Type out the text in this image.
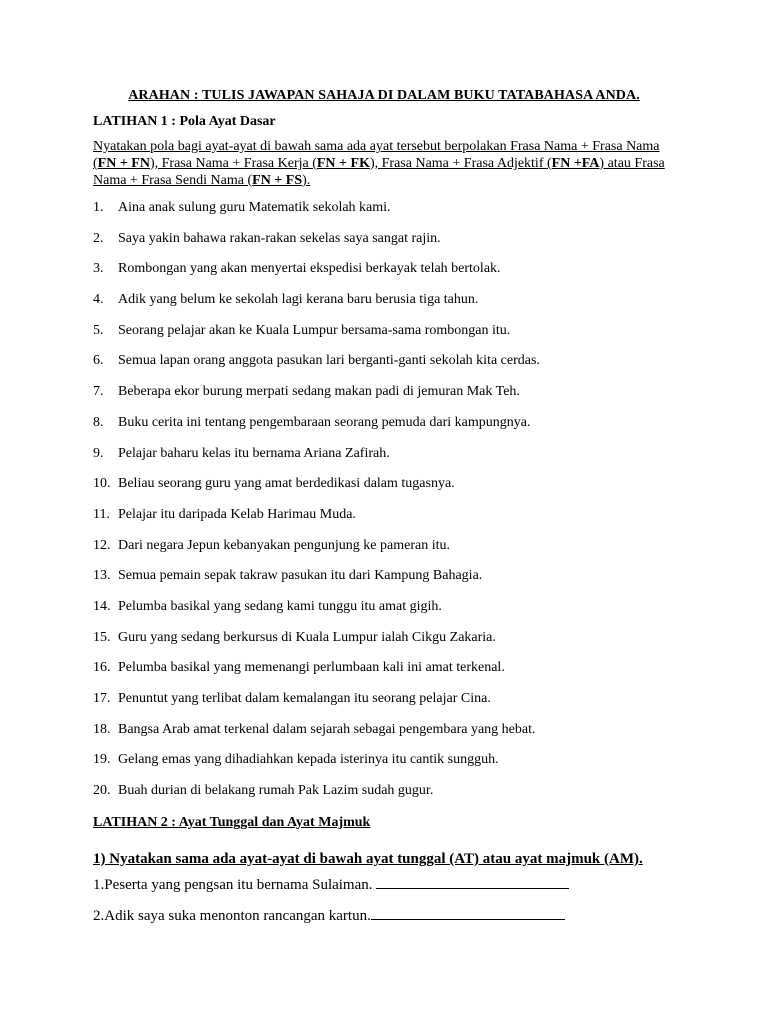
ARAHAN : TULIS JAWAPAN SAHAJA DI DALAM BUKU TATABAHASA ANDA.
LATIHAN 1 : Pola Ayat Dasar
Nyatakan pola bagi ayat-ayat di bawah sama ada ayat tersebut berpolakan Frasa Nama + Frasa Nama (FN + FN), Frasa Nama + Frasa Kerja (FN + FK), Frasa Nama + Frasa Adjektif (FN +FA) atau Frasa Nama + Frasa Sendi Nama (FN + FS).
1.	Aina anak sulung guru Matematik sekolah kami.
2.	Saya yakin bahawa rakan-rakan sekelas saya sangat rajin.
3.	Rombongan yang akan menyertai ekspedisi berkayak telah bertolak.
4.	Adik yang belum ke sekolah lagi kerana baru berusia tiga tahun.
5.	Seorang pelajar akan ke Kuala Lumpur bersama-sama rombongan itu.
6.	Semua lapan orang anggota pasukan lari berganti-ganti sekolah kita cerdas.
7.	Beberapa ekor burung merpati sedang makan padi di jemuran Mak Teh.
8.	Buku cerita ini tentang pengembaraan seorang pemuda dari kampungnya.
9.	Pelajar baharu kelas itu bernama Ariana Zafirah.
10. Beliau seorang guru yang amat berdedikasi dalam tugasnya.
11. Pelajar itu daripada Kelab Harimau Muda.
12. Dari negara Jepun kebanyakan pengunjung ke pameran itu.
13. Semua pemain sepak takraw pasukan itu dari Kampung Bahagia.
14. Pelumba basikal yang sedang kami tunggu itu amat gigih.
15. Guru yang sedang berkursus di Kuala Lumpur ialah Cikgu Zakaria.
16. Pelumba basikal yang memenangi perlumbaan kali ini amat terkenal.
17. Penuntut yang terlibat dalam kemalangan itu seorang pelajar Cina.
18. Bangsa Arab amat terkenal dalam sejarah sebagai pengembara yang hebat.
19. Gelang emas yang dihadiahkan kepada isterinya itu cantik sungguh.
20. Buah durian di belakang rumah Pak Lazim sudah gugur.
LATIHAN 2 : Ayat Tunggal dan Ayat Majmuk
1) Nyatakan sama ada ayat-ayat di bawah ayat tunggal (AT) atau ayat majmuk (AM).
1.Peserta yang pengsan itu bernama Sulaiman.
2.Adik saya suka menonton rancangan kartun.
